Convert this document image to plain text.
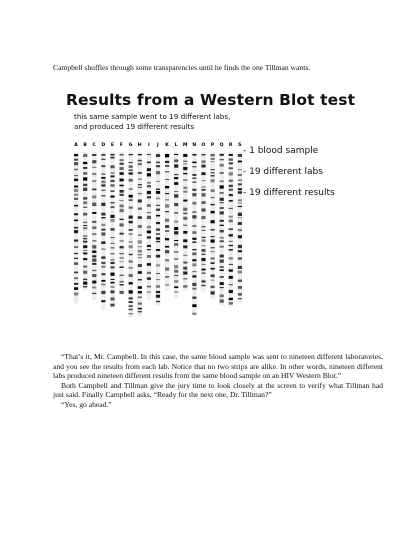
Campbell shuffles through some transparencies until he finds the one Tillman wants.

A B C D E F G H I J K L M N O P Q R S

Results from a Western Blot test

this same sample went to 19 different labs,
and produced 19 different results

- 1 blood sample
- 19 different labs
- 19 different results

“That’s it, Mr. Campbell. In this case, the same blood sample was sent to nineteen different laboratories, and you see the results from each lab. Notice that no two strips are alike. In other words, nineteen different labs produced nineteen different results from the same blood sample on an HIV Western Blot.”

Both Campbell and Tillman give the jury time to look closely at the screen to verify what Tillman had just said. Finally Campbell asks, “Ready for the next one, Dr. Tillman?”

“Yes, go ahead.”
